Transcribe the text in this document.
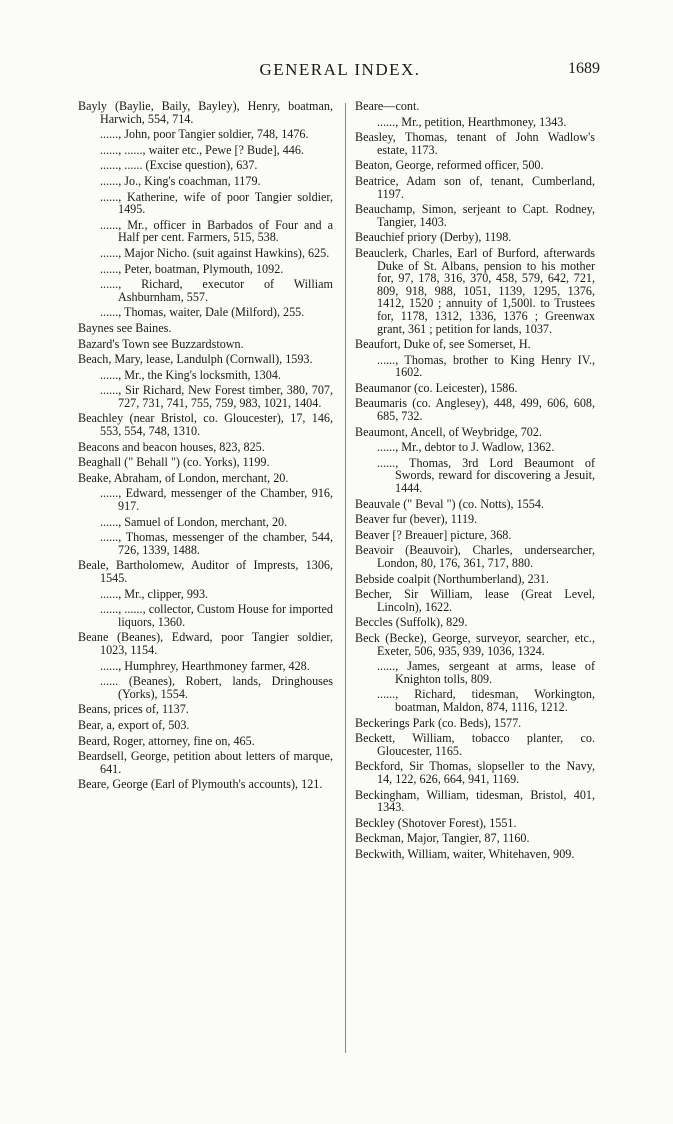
GENERAL INDEX.	1689
Bayly (Baylie, Baily, Bayley), Henry, boatman, Harwich, 554, 714.
......, John, poor Tangier soldier, 748, 1476.
......, ......, waiter etc., Pewe [? Bude], 446.
......, ...... (Excise question), 637.
......, Jo., King's coachman, 1179.
......, Katherine, wife of poor Tangier soldier, 1495.
......, Mr., officer in Barbados of Four and a Half per cent. Farmers, 515, 538.
......, Major Nicho. (suit against Hawkins), 625.
......, Peter, boatman, Plymouth, 1092.
......, Richard, executor of William Ashburnham, 557.
......, Thomas, waiter, Dale (Milford), 255.
Baynes see Baines.
Bazard's Town see Buzzardstown.
Beach, Mary, lease, Landulph (Cornwall), 1593.
......, Mr., the King's locksmith, 1304.
......, Sir Richard, New Forest timber, 380, 707, 727, 731, 741, 755, 759, 983, 1021, 1404.
Beachley (near Bristol, co. Gloucester), 17, 146, 553, 554, 748, 1310.
Beacons and beacon houses, 823, 825.
Beaghall (" Behall ") (co. Yorks), 1199.
Beake, Abraham, of London, merchant, 20.
......, Edward, messenger of the Chamber, 916, 917.
......, Samuel of London, merchant, 20.
......, Thomas, messenger of the chamber, 544, 726, 1339, 1488.
Beale, Bartholomew, Auditor of Imprests, 1306, 1545.
......, Mr., clipper, 993.
......, ......, collector, Custom House for imported liquors, 1360.
Beane (Beanes), Edward, poor Tangier soldier, 1023, 1154.
......, Humphrey, Hearthmoney farmer, 428.
...... (Beanes), Robert, lands, Dringhouses (Yorks), 1554.
Beans, prices of, 1137.
Bear, a, export of, 503.
Beard, Roger, attorney, fine on, 465.
Beardsell, George, petition about letters of marque, 641.
Beare, George (Earl of Plymouth's accounts), 121.
Beare—cont.
......, Mr., petition, Hearthmoney, 1343.
Beasley, Thomas, tenant of John Wadlow's estate, 1173.
Beaton, George, reformed officer, 500.
Beatrice, Adam son of, tenant, Cumberland, 1197.
Beauchamp, Simon, serjeant to Capt. Rodney, Tangier, 1403.
Beauchief priory (Derby), 1198.
Beauclerk, Charles, Earl of Burford, afterwards Duke of St. Albans, pension to his mother for, 97, 178, 316, 370, 458, 579, 642, 721, 809, 918, 988, 1051, 1139, 1295, 1376, 1412, 1520 ; annuity of 1,500l. to Trustees for, 1178, 1312, 1336, 1376 ; Greenwax grant, 361 ; petition for lands, 1037.
Beaufort, Duke of, see Somerset, H.
......, Thomas, brother to King Henry IV., 1602.
Beaumanor (co. Leicester), 1586.
Beaumaris (co. Anglesey), 448, 499, 606, 608, 685, 732.
Beaumont, Ancell, of Weybridge, 702.
......, Mr., debtor to J. Wadlow, 1362.
......, Thomas, 3rd Lord Beaumont of Swords, reward for discovering a Jesuit, 1444.
Beauvale (" Beval ") (co. Notts), 1554.
Beaver fur (bever), 1119.
Beaver [? Breauer] picture, 368.
Beavoir (Beauvoir), Charles, undersearcher, London, 80, 176, 361, 717, 880.
Bebside coalpit (Northumberland), 231.
Becher, Sir William, lease (Great Level, Lincoln), 1622.
Beccles (Suffolk), 829.
Beck (Becke), George, surveyor, searcher, etc., Exeter, 506, 935, 939, 1036, 1324.
......, James, sergeant at arms, lease of Knighton tolls, 809.
......, Richard, tidesman, Workington, boatman, Maldon, 874, 1116, 1212.
Beckerings Park (co. Beds), 1577.
Beckett, William, tobacco planter, co. Gloucester, 1165.
Beckford, Sir Thomas, slopseller to the Navy, 14, 122, 626, 664, 941, 1169.
Beckingham, William, tidesman, Bristol, 401, 1343.
Beckley (Shotover Forest), 1551.
Beckman, Major, Tangier, 87, 1160.
Beckwith, William, waiter, Whitehaven, 909.
